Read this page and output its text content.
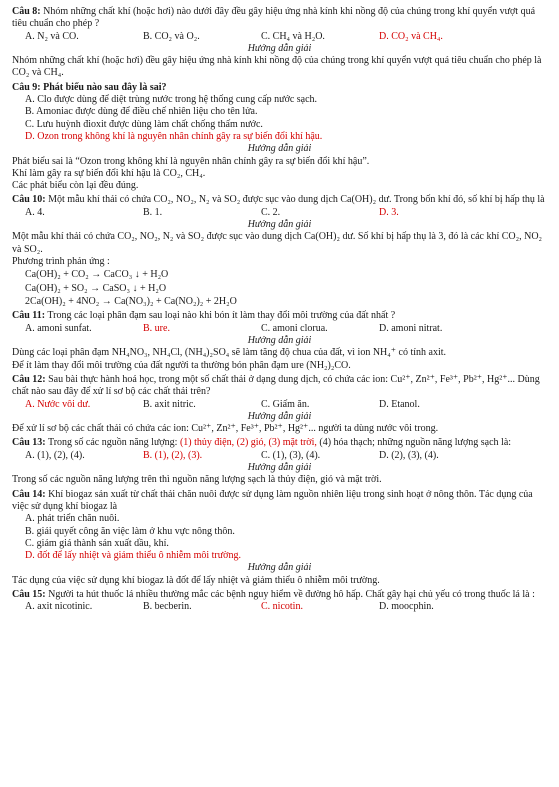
Câu 8: Nhóm những chất khí (hoặc hơi) nào dưới đây đều gây hiệu ứng nhà kính khi nồng độ của chúng trong khí quyển vượt quá tiêu chuẩn cho phép ?

A. N₂ và CO.	B. CO₂ và O₂.	C. CH₄ và H₂O.	D. CO₂ và CH₄.

Hướng dẫn giải

Nhóm những chất khí (hoặc hơi) đều gây hiệu ứng nhà kính khi nồng độ của chúng trong khí quyển vượt quá tiêu chuẩn cho phép là CO₂ và CH₄.

Câu 9: Phát biểu nào sau đây là sai?

A. Clo được dùng để diệt trùng nước trong hệ thống cung cấp nước sạch.

B. Amoniac được dùng để điều chế nhiên liệu cho tên lửa.

C. Lưu huỳnh đioxit được dùng làm chất chống thấm nước.

D. Ozon trong không khí là nguyên nhân chính gây ra sự biến đổi khí hậu.

Hướng dẫn giải

Phát biểu sai là “Ozon trong không khí là nguyên nhân chính gây ra sự biến đổi khí hậu”.

Khí làm gây ra sự biến đổi khí hậu là CO₂, CH₄.

Các phát biểu còn lại đều đúng.

Câu 10: Một mẫu khí thải có chứa CO₂, NO₂, N₂ và SO₂ được sục vào dung dịch Ca(OH)₂ dư. Trong bốn khí đó, số khí bị hấp thụ là

A. 4.	B. 1.	C. 2.	D. 3.

Hướng dẫn giải

Một mẫu khí thải có chứa CO₂, NO₂, N₂ và SO₂ được sục vào dung dịch Ca(OH)₂ dư. Số khí bị hấp thụ là 3, đó là các khí CO₂, NO₂ và SO₂.

Phương trình phản ứng :

Ca(OH)₂ + CO₂ → CaCO₃ ↓ + H₂O

Ca(OH)₂ + SO₂ → CaSO₃ ↓ + H₂O

2Ca(OH)₂ + 4NO₂ → Ca(NO₃)₂ + Ca(NO₂)₂ + 2H₂O

Câu 11: Trong các loại phân đạm sau loại nào khi bón ít làm thay đổi môi trường của đất nhất ?

A. amoni sunfat.	B. ure.	C. amoni clorua.	D. amoni nitrat.

Hướng dẫn giải

Dùng các loại phân đạm NH₄NO₃, NH₄Cl, (NH₄)₂SO₄ sẽ làm tăng độ chua của đất, vì ion NH₄⁺ có tính axit.

Để ít làm thay đổi môi trường của đất người ta thường bón phân đạm ure (NH₂)₂CO.

Câu 12: Sau bài thực hành hoá học, trong một số chất thải ở dạng dung dịch, có chứa các ion: Cu²⁺, Zn²⁺, Fe³⁺, Pb²⁺, Hg²⁺... Dùng chất nào sau đây để xử lí sơ bộ các chất thải trên?

A. Nước vôi dư.	B. axit nitric.	C. Giấm ăn.	D. Etanol.

Hướng dẫn giải

Để xử lí sơ bộ các chất thải có chứa các ion: Cu²⁺, Zn²⁺, Fe³⁺, Pb²⁺, Hg²⁺... người ta dùng nước vôi trong.

Câu 13: Trong số các nguồn năng lượng: (1) thủy điện, (2) gió, (3) mặt trời, (4) hóa thạch; những nguồn năng lượng sạch là:

A. (1), (2), (4).	B. (1), (2), (3).	C. (1), (3), (4).	D. (2), (3), (4).

Hướng dẫn giải

Trong số các nguồn năng lượng trên thì nguồn năng lượng sạch là thủy điện, gió và mặt trời.

Câu 14: Khí biogaz sản xuất từ chất thải chăn nuôi được sử dụng làm nguồn nhiên liệu trong sinh hoạt ở nông thôn. Tác dụng của việc sử dụng khí biogaz là

A. phát triển chăn nuôi.

B. giải quyết công ăn việc làm ở khu vực nông thôn.

C. giảm giá thành sản xuất dầu, khí.

D. đốt để lấy nhiệt và giảm thiểu ô nhiễm môi trường.

Hướng dẫn giải

Tác dụng của việc sử dụng khí biogaz là đốt để lấy nhiệt và giảm thiểu ô nhiễm môi trường.

Câu 15: Người ta hút thuốc lá nhiều thường mắc các bệnh nguy hiểm về đường hô hấp. Chất gây hại chủ yếu có trong thuốc lá là :

A. axit nicotinic.	B. becberin.	C. nicotin.	D. moocphin.
